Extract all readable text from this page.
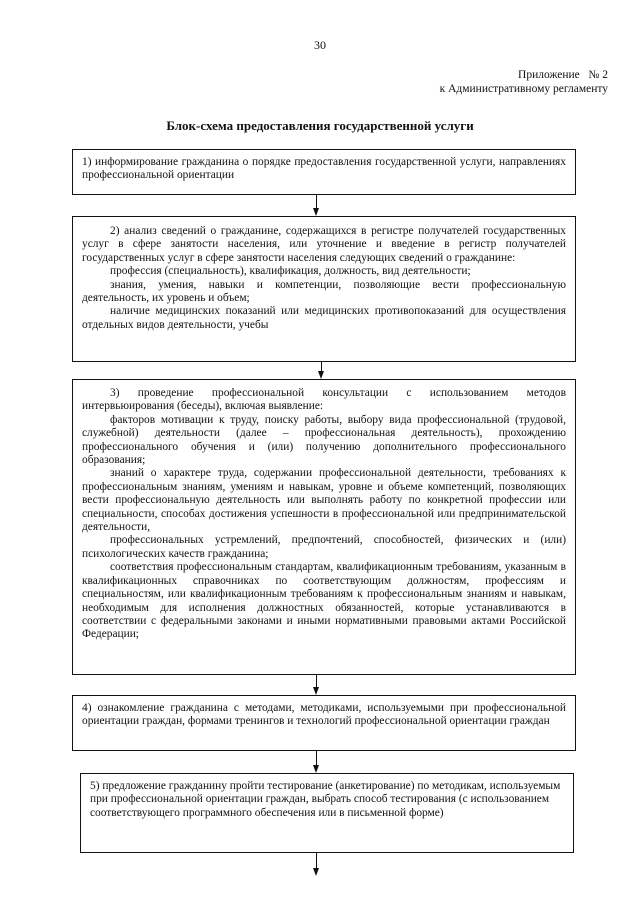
30
Приложение   № 2
к Административному регламенту
Блок-схема предоставления государственной услуги

1) информирование гражданина о порядке предоставления государственной услуги, направлениях профессиональной ориентации

2) анализ сведений о гражданине, содержащихся в регистре получателей государственных услуг в сфере занятости населения, или уточнение и введение в регистр получателей государственных услуг в сфере занятости населения следующих сведений о гражданине:

профессия (специальность), квалификация, должность, вид деятельности;

знания, умения, навыки и компетенции, позволяющие вести профессиональную деятельность, их уровень и объем;

наличие медицинских показаний или медицинских противопоказаний для осуществления отдельных видов деятельности, учебы

3) проведение профессиональной консультации с использованием методов интервьюирования (беседы), включая выявление:

факторов мотивации к труду, поиску работы, выбору вида профессиональной (трудовой, служебной) деятельности (далее – профессиональная деятельность), прохождению профессионального обучения и (или) получению дополнительного профессионального образования;

знаний о характере труда, содержании профессиональной деятельности, требованиях к профессиональным знаниям, умениям и навыкам, уровне и объеме компетенций, позволяющих вести профессиональную деятельность или выполнять работу по конкретной профессии или специальности, способах достижения успешности в профессиональной или предпринимательской деятельности,

профессиональных устремлений, предпочтений, способностей, физических и (или) психологических качеств гражданина;

соответствия профессиональным стандартам, квалификационным требованиям, указанным в квалификационных справочниках по соответствующим должностям, профессиям и специальностям, или квалификационным требованиям к профессиональным знаниям и навыкам, необходимым для исполнения должностных обязанностей, которые устанавливаются в соответствии с федеральными законами и иными нормативными правовыми актами Российской Федерации;

4) ознакомление гражданина с методами, методиками, используемыми при профессиональной ориентации граждан, формами тренингов и технологий профессиональной ориентации граждан

5) предложение гражданину пройти тестирование (анкетирование) по методикам, используемым при профессиональной ориентации граждан, выбрать способ тестирования (с использованием соответствующего программного обеспечения или в письменной форме)
